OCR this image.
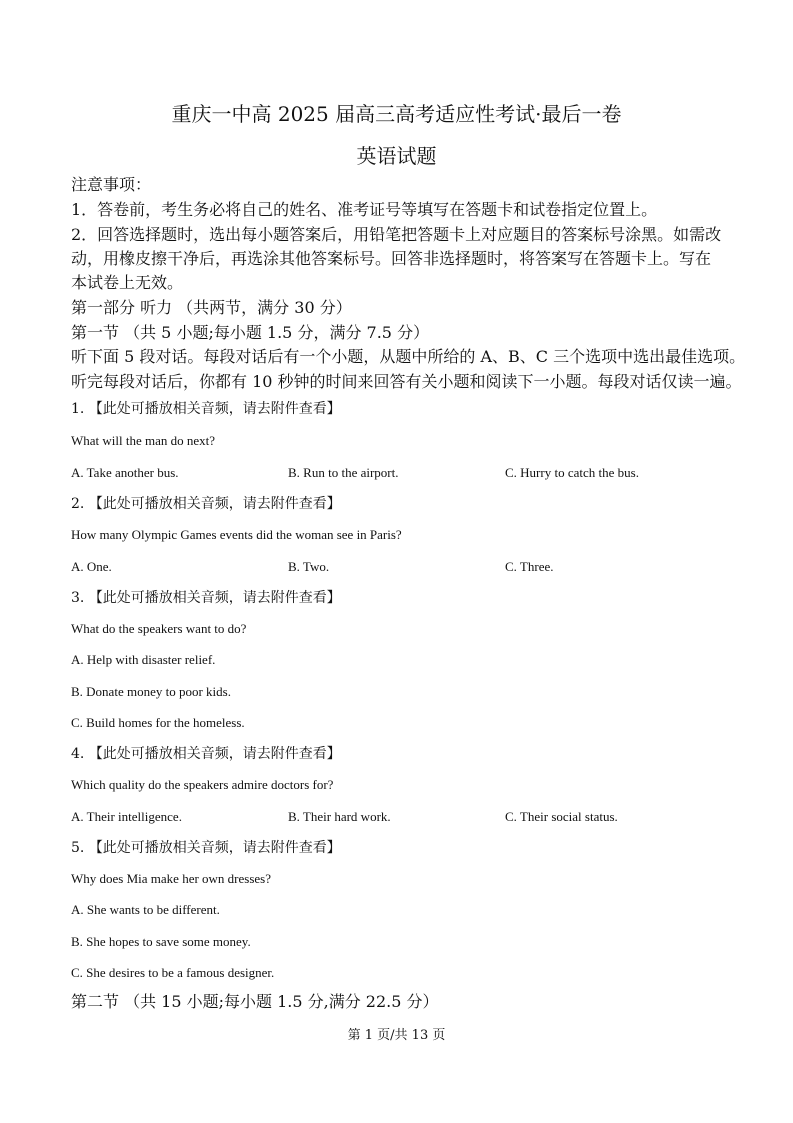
重庆一中高 2025 届高三高考适应性考试·最后一卷
英语试题
注意事项：
1．答卷前，考生务必将自己的姓名、准考证号等填写在答题卡和试卷指定位置上。
2．回答选择题时，选出每小题答案后，用铅笔把答题卡上对应题目的答案标号涂黑。如需改
动，用橡皮擦干净后，再选涂其他答案标号。回答非选择题时，将答案写在答题卡上。写在
本试卷上无效。
第一部分 听力 （共两节，满分 30 分）
第一节 （共 5 小题;每小题 1.5 分，满分 7.5 分）
听下面 5 段对话。每段对话后有一个小题，从题中所给的 A、B、C 三个选项中选出最佳选项。
听完每段对话后，你都有 10 秒钟的时间来回答有关小题和阅读下一小题。每段对话仅读一遍。
1. 【此处可播放相关音频，请去附件查看】
What will the man do next?
A. Take another bus.	B. Run to the airport.	C. Hurry to catch the bus.
2. 【此处可播放相关音频，请去附件查看】
How many Olympic Games events did the woman see in Paris?
A. One.	B. Two.	C. Three.
3. 【此处可播放相关音频，请去附件查看】
What do the speakers want to do?
A. Help with disaster relief.
B. Donate money to poor kids.
C. Build homes for the homeless.
4. 【此处可播放相关音频，请去附件查看】
Which quality do the speakers admire doctors for?
A. Their intelligence.	B. Their hard work.	C. Their social status.
5. 【此处可播放相关音频，请去附件查看】
Why does Mia make her own dresses?
A. She wants to be different.
B. She hopes to save some money.
C. She desires to be a famous designer.
第二节 （共 15 小题;每小题 1.5 分,满分 22.5 分）
第 1 页/共 13 页
